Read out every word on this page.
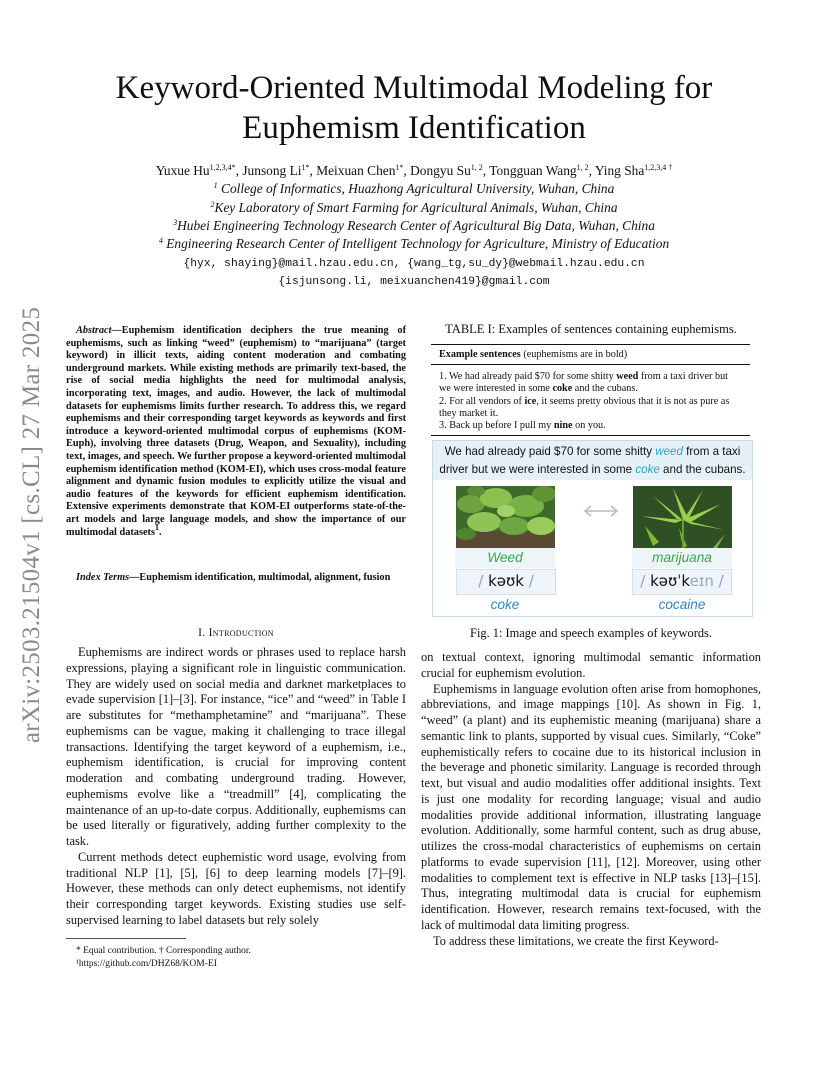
arXiv:2503.21504v1 [cs.CL] 27 Mar 2025
Keyword-Oriented Multimodal Modeling for
Euphemism Identification
Yuxue $Hu^{1,2,3,4*}$, Junsong $Li^{1*}$, Meixuan Chen$^{1*}$, Dongyu Su$^{1, 2}$, Tongguan Wang$^{1, 2}$, Ying Sha$^{1,2,3,4 \dagger}$
$^1$ College of Informatics, Huazhong Agricultural University, Wuhan, China
$^2$Key Laboratory of Smart Farming for Agricultural Animals, Wuhan, China
$^3$Hubei Engineering Technology Research Center of Agricultural Big Data, Wuhan, China
$^4$ Engineering Research Center of Intelligent Technology for Agriculture, Ministry of Education
{hyx, shaying}@mail.hzau.edu.cn, {wang_tg,su_dy}@webmail.hzau.edu.cn
{isjunsong.li, meixuanchen419}@gmail.com
Abstract—Euphemism identification deciphers the true meaning of euphemisms, such as linking “weed” (euphemism) to “marijuana” (target keyword) in illicit texts, aiding content moderation and combating underground markets. While existing methods are primarily text-based, the rise of social media highlights the need for multimodal analysis, incorporating text, images, and audio. However, the lack of multimodal datasets for euphemisms limits further research. To address this, we regard euphemisms and their corresponding target keywords as keywords and first introduce a keyword-oriented multimodal corpus of euphemisms (KOM-Euph), involving three datasets (Drug, Weapon, and Sexuality), including text, images, and speech. We further propose a keyword-oriented multimodal euphemism identification method (KOM-EI), which uses cross-modal feature alignment and dynamic fusion modules to explicitly utilize the visual and audio features of the keywords for efficient euphemism identification. Extensive experiments demonstrate that KOM-EI outperforms state-of-the-art models and large language models, and show the importance of our multimodal datasets$^1$.
Index Terms—Euphemism identification, multimodal, alignment, fusion
I. Introduction

Euphemisms are indirect words or phrases used to replace harsh expressions, playing a significant role in linguistic communication. They are widely used on social media and darknet marketplaces to evade supervision [1]–[3]. For instance, “ice” and “weed” in Table I are substitutes for “methamphetamine” and “marijuana”. These euphemisms can be vague, making it challenging to trace illegal transactions. Identifying the target keyword of a euphemism, i.e., euphemism identification, is crucial for improving content moderation and combating underground trading. However, euphemisms evolve like a “treadmill” [4], complicating the maintenance of an up-to-date corpus. Additionally, euphemisms can be used literally or figuratively, adding further complexity to the task.

Current methods detect euphemistic word usage, evolving from traditional NLP [1], [5], [6] to deep learning models [7]–[9]. However, these methods can only detect euphemisms, not identify their corresponding target keywords. Existing studies use self-supervised learning to label datasets but rely solely

* Equal contribution. † Corresponding author.
¹https://github.com/DHZ68/KOM-EI
TABLE I: Examples of sentences containing euphemisms.
Example sentences (euphemisms are in bold)
1. We had already paid $70 for some shitty weed from a taxi driver but we were interested in some coke and the cubans.
2. For all vendors of ice, it seems pretty obvious that it is not as pure as they market it.
3. Back up before I pull my nine on you.
We had already paid $70 for some shitty weed from a taxi driver but we were interested in some coke and the cubans.
Weed	marijuana
/ kəʊk /	/ kəʊˈkeɪn /
coke	cocaine
Fig. 1: Image and speech examples of keywords.

on textual context, ignoring multimodal semantic information crucial for euphemism evolution.

Euphemisms in language evolution often arise from homophones, abbreviations, and image mappings [10]. As shown in Fig. 1, “weed” (a plant) and its euphemistic meaning (marijuana) share a semantic link to plants, supported by visual cues. Similarly, “Coke” euphemistically refers to cocaine due to its historical inclusion in the beverage and phonetic similarity. Language is recorded through text, but visual and audio modalities offer additional insights. Text is just one modality for recording language; visual and audio modalities provide additional information, illustrating language evolution. Additionally, some harmful content, such as drug abuse, utilizes the cross-modal characteristics of euphemisms on certain platforms to evade supervision [11], [12]. Moreover, using other modalities to complement text is effective in NLP tasks [13]–[15]. Thus, integrating multimodal data is crucial for euphemism identification. However, research remains text-focused, with the lack of multimodal data limiting progress.

To address these limitations, we create the first Keyword-
